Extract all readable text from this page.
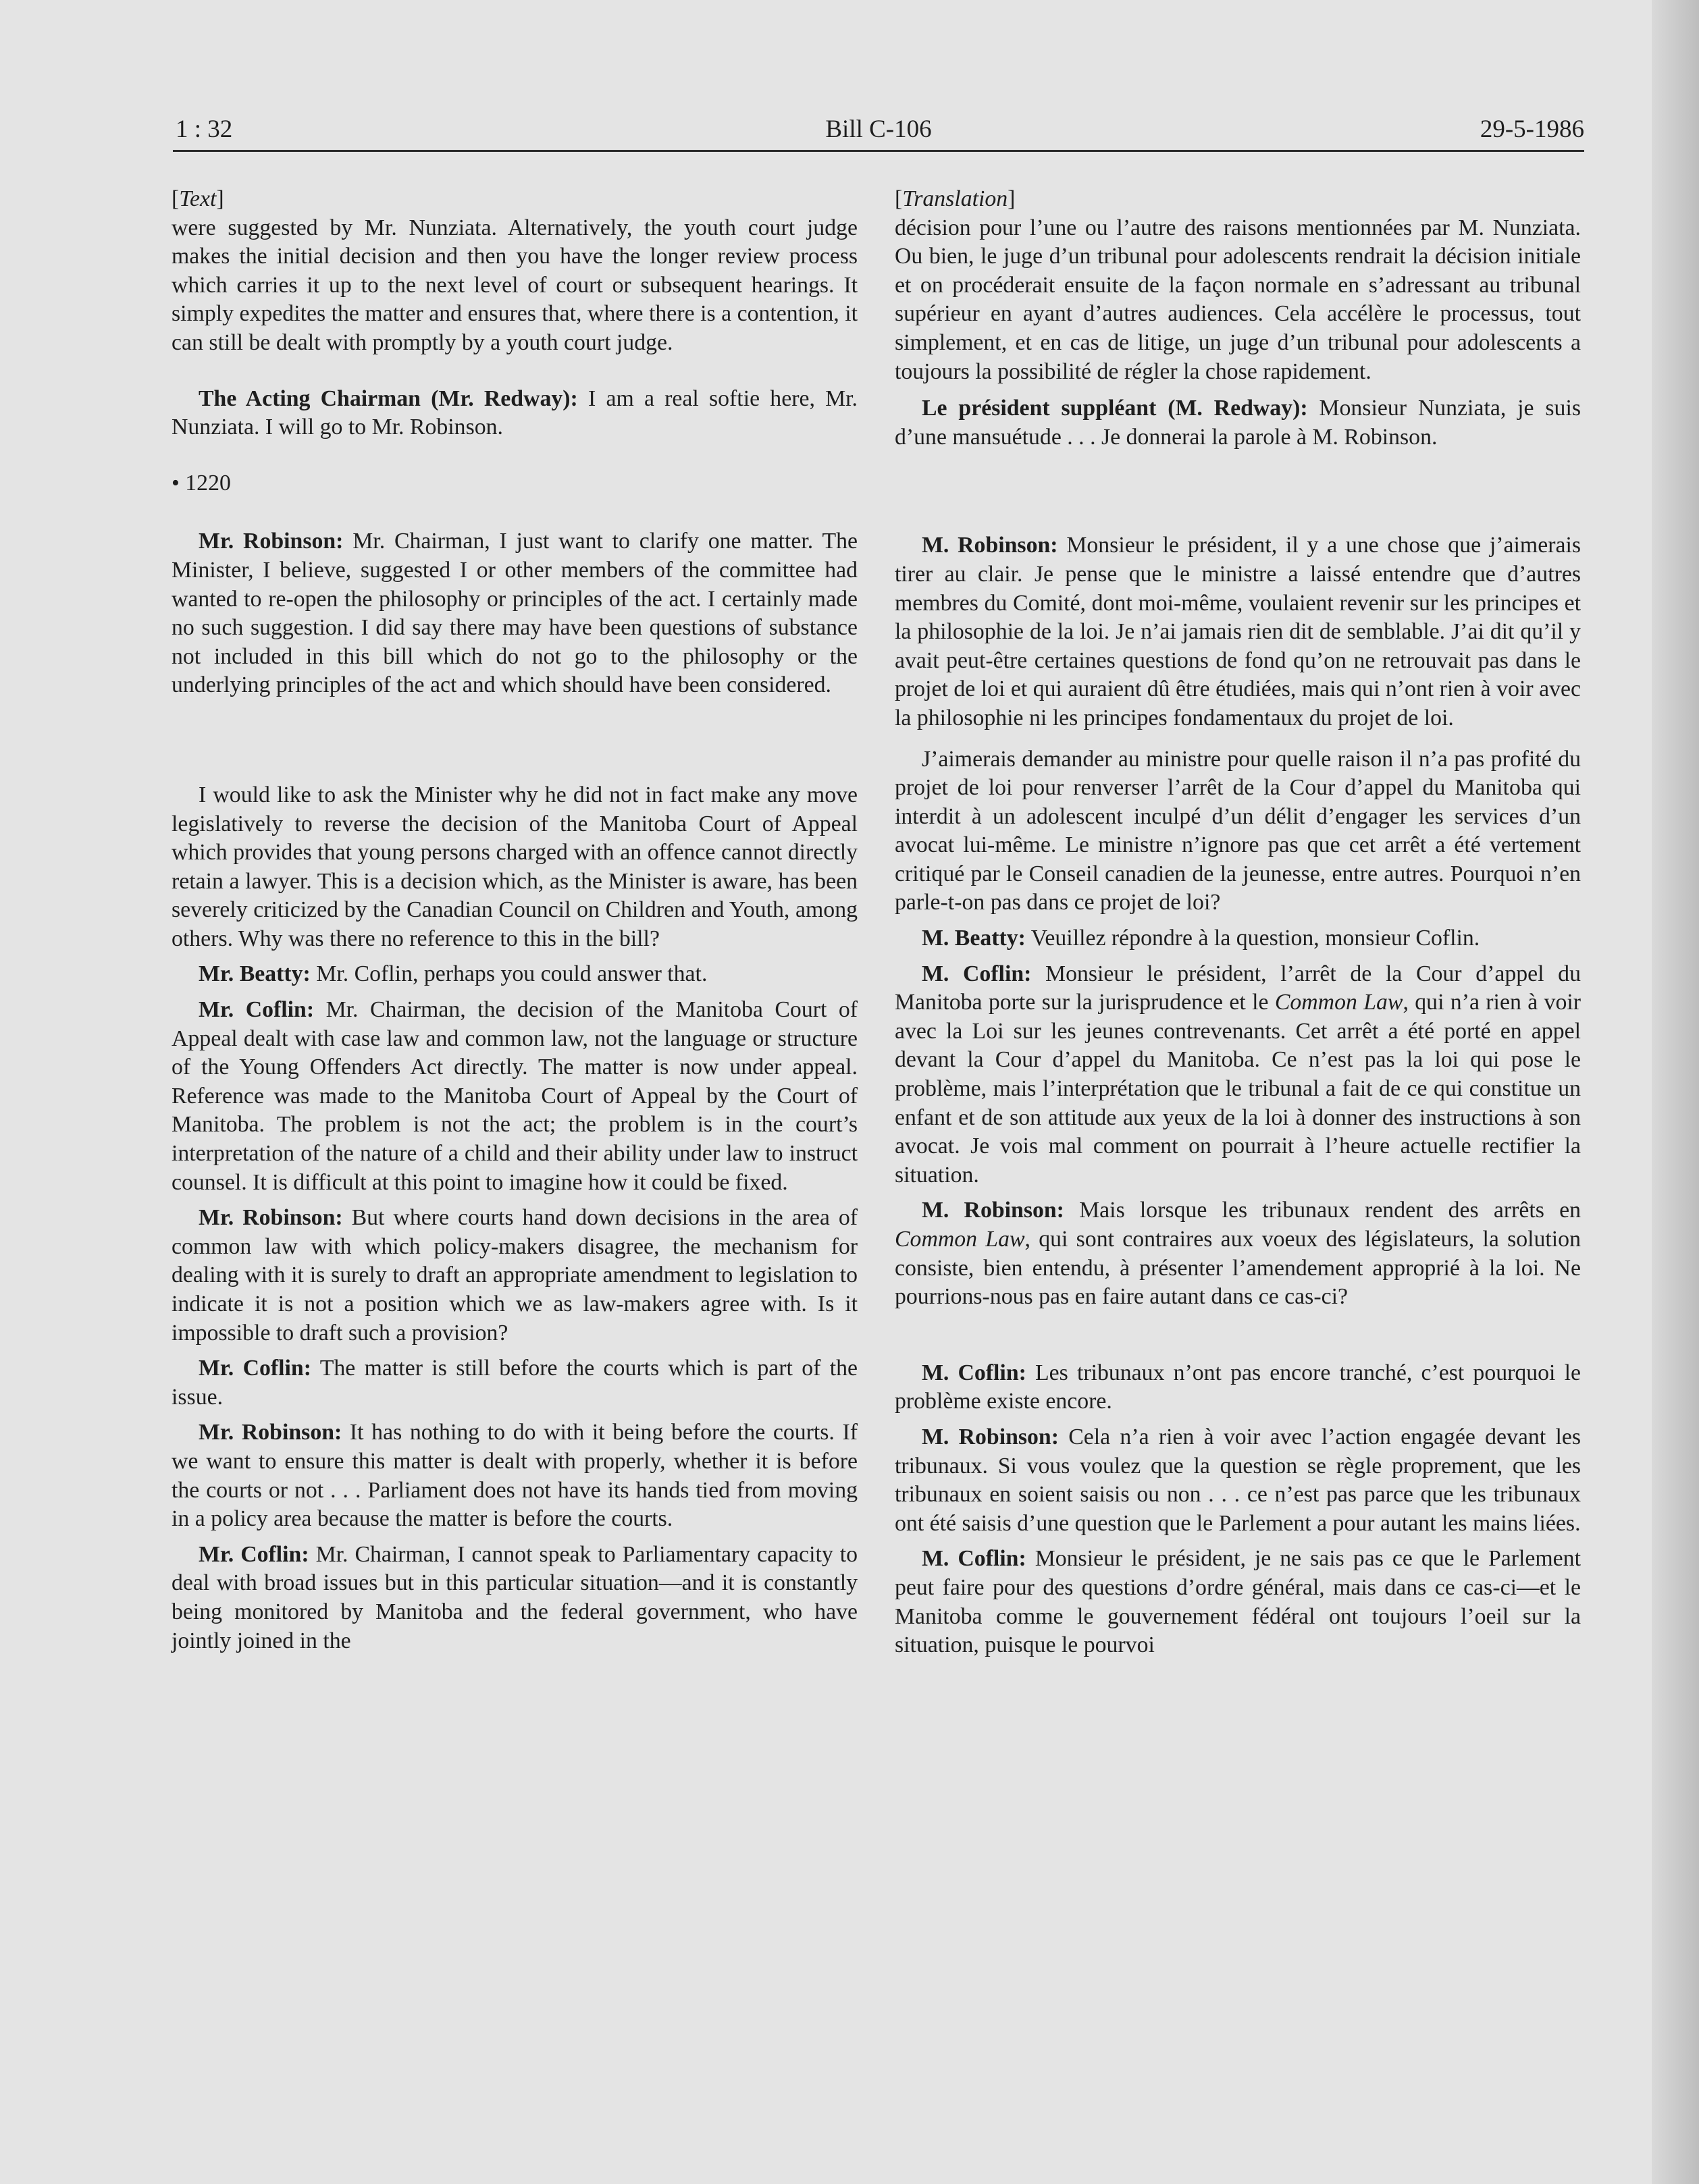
1 : 32	Bill C-106	29-5-1986

[Text]

were suggested by Mr. Nunziata. Alternatively, the youth court judge makes the initial decision and then you have the longer review process which carries it up to the next level of court or subsequent hearings. It simply expedites the matter and ensures that, where there is a contention, it can still be dealt with promptly by a youth court judge.

The Acting Chairman (Mr. Redway): I am a real softie here, Mr. Nunziata. I will go to Mr. Robinson.

• 1220

Mr. Robinson: Mr. Chairman, I just want to clarify one matter. The Minister, I believe, suggested I or other members of the committee had wanted to re-open the philosophy or principles of the act. I certainly made no such suggestion. I did say there may have been questions of substance not included in this bill which do not go to the philosophy or the underlying principles of the act and which should have been considered.

I would like to ask the Minister why he did not in fact make any move legislatively to reverse the decision of the Manitoba Court of Appeal which provides that young persons charged with an offence cannot directly retain a lawyer. This is a decision which, as the Minister is aware, has been severely criticized by the Canadian Council on Children and Youth, among others. Why was there no reference to this in the bill?

Mr. Beatty: Mr. Coflin, perhaps you could answer that.

Mr. Coflin: Mr. Chairman, the decision of the Manitoba Court of Appeal dealt with case law and common law, not the language or structure of the Young Offenders Act directly. The matter is now under appeal. Reference was made to the Manitoba Court of Appeal by the Court of Manitoba. The problem is not the act; the problem is in the court’s interpretation of the nature of a child and their ability under law to instruct counsel. It is difficult at this point to imagine how it could be fixed.

Mr. Robinson: But where courts hand down decisions in the area of common law with which policy-makers disagree, the mechanism for dealing with it is surely to draft an appropriate amendment to legislation to indicate it is not a position which we as law-makers agree with. Is it impossible to draft such a provision?

Mr. Coflin: The matter is still before the courts which is part of the issue.

Mr. Robinson: It has nothing to do with it being before the courts. If we want to ensure this matter is dealt with properly, whether it is before the courts or not . . . Parliament does not have its hands tied from moving in a policy area because the matter is before the courts.

Mr. Coflin: Mr. Chairman, I cannot speak to Parliamentary capacity to deal with broad issues but in this particular situation—and it is constantly being monitored by Manitoba and the federal government, who have jointly joined in the

[Translation]

décision pour l’une ou l’autre des raisons mentionnées par M. Nunziata. Ou bien, le juge d’un tribunal pour adolescents rendrait la décision initiale et on procéderait ensuite de la façon normale en s’adressant au tribunal supérieur en ayant d’autres audiences. Cela accélère le processus, tout simplement, et en cas de litige, un juge d’un tribunal pour adolescents a toujours la possibilité de régler la chose rapidement.

Le président suppléant (M. Redway): Monsieur Nunziata, je suis d’une mansuétude . . . Je donnerai la parole à M. Robinson.

M. Robinson: Monsieur le président, il y a une chose que j’aimerais tirer au clair. Je pense que le ministre a laissé entendre que d’autres membres du Comité, dont moi-même, voulaient revenir sur les principes et la philosophie de la loi. Je n’ai jamais rien dit de semblable. J’ai dit qu’il y avait peut-être certaines questions de fond qu’on ne retrouvait pas dans le projet de loi et qui auraient dû être étudiées, mais qui n’ont rien à voir avec la philosophie ni les principes fondamentaux du projet de loi.

J’aimerais demander au ministre pour quelle raison il n’a pas profité du projet de loi pour renverser l’arrêt de la Cour d’appel du Manitoba qui interdit à un adolescent inculpé d’un délit d’engager les services d’un avocat lui-même. Le ministre n’ignore pas que cet arrêt a été vertement critiqué par le Conseil canadien de la jeunesse, entre autres. Pourquoi n’en parle-t-on pas dans ce projet de loi?

M. Beatty: Veuillez répondre à la question, monsieur Coflin.

M. Coflin: Monsieur le président, l’arrêt de la Cour d’appel du Manitoba porte sur la jurisprudence et le Common Law, qui n’a rien à voir avec la Loi sur les jeunes contrevenants. Cet arrêt a été porté en appel devant la Cour d’appel du Manitoba. Ce n’est pas la loi qui pose le problème, mais l’interprétation que le tribunal a fait de ce qui constitue un enfant et de son attitude aux yeux de la loi à donner des instructions à son avocat. Je vois mal comment on pourrait à l’heure actuelle rectifier la situation.

M. Robinson: Mais lorsque les tribunaux rendent des arrêts en Common Law, qui sont contraires aux voeux des législateurs, la solution consiste, bien entendu, à présenter l’amendement approprié à la loi. Ne pourrions-nous pas en faire autant dans ce cas-ci?

M. Coflin: Les tribunaux n’ont pas encore tranché, c’est pourquoi le problème existe encore.

M. Robinson: Cela n’a rien à voir avec l’action engagée devant les tribunaux. Si vous voulez que la question se règle proprement, que les tribunaux en soient saisis ou non . . . ce n’est pas parce que les tribunaux ont été saisis d’une question que le Parlement a pour autant les mains liées.

M. Coflin: Monsieur le président, je ne sais pas ce que le Parlement peut faire pour des questions d’ordre général, mais dans ce cas-ci—et le Manitoba comme le gouvernement fédéral ont toujours l’oeil sur la situation, puisque le pourvoi
